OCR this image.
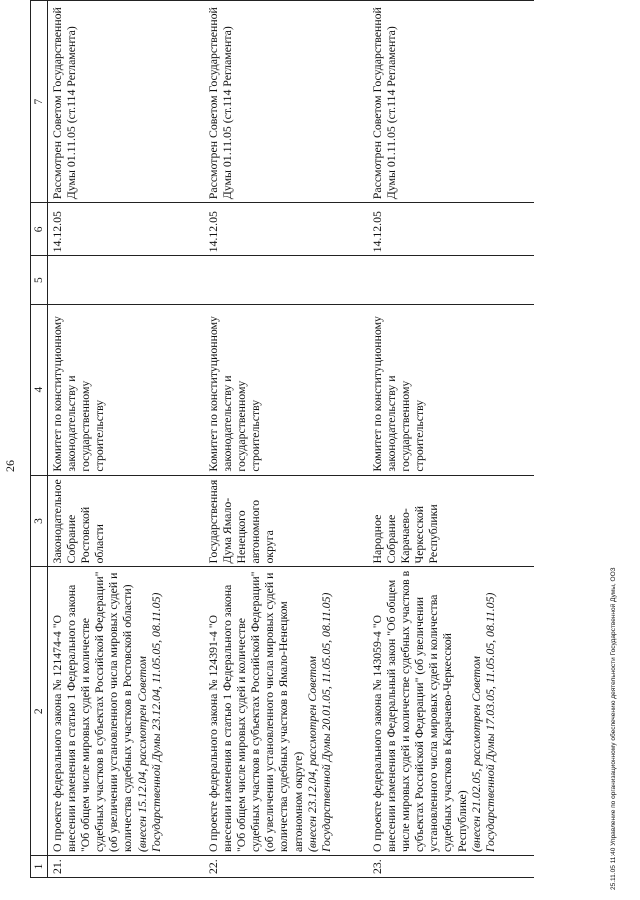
26
1	2	3	4	5	6	7
21.	О проекте федерального закона № 121474-4 "О внесении изменения в статью 1 Федерального закона "Об общем числе мировых судей и количестве судебных участков в субъектах Российской Федерации" (об увеличении установленного числа мировых судей и количества судебных участков в Ростовской области) (внесен 15.12.04, рассмотрен Советом Государственной Думы 23.12.04, 11.05.05, 08.11.05)	Законодательное Собрание Ростовской области	Комитет по конституционному законодательству и государственному строительству		14.12.05	Рассмотрен Советом Государственной Думы 01.11.05 (ст.114 Регламента)
22.	О проекте федерального закона № 124391-4 "О внесении изменения в статью 1 Федерального закона "Об общем числе мировых судей и количестве судебных участков в субъектах Российской Федерации" (об увеличении установленного числа мировых судей и количества судебных участков в Ямало-Ненецком автономном округе) (внесен 23.12.04, рассмотрен Советом Государственной Думы 20.01.05, 11.05.05, 08.11.05)	Государственная Дума Ямало-Ненецкого автономного округа	Комитет по конституционному законодательству и государственному строительству		14.12.05	Рассмотрен Советом Государственной Думы 01.11.05 (ст.114 Регламента)
23.	О проекте федерального закона № 143059-4 "О внесении изменения в Федеральный закон "Об общем числе мировых судей и количестве судебных участков в субъектах Российской Федерации" (об увеличении установленного числа мировых судей и количества судебных участков в Карачаево-Черкесской Республике) (внесен 21.02.05, рассмотрен Советом Государственной Думы 17.03.05, 11.05.05, 08.11.05)	Народное Собрание Карачаево-Черкесской Республики	Комитет по конституционному законодательству и государственному строительству		14.12.05	Рассмотрен Советом Государственной Думы 01.11.05 (ст.114 Регламента)
25.11.05 11:40 Управление по организационному обеспечению деятельности Государственной Думы, ООЗ
